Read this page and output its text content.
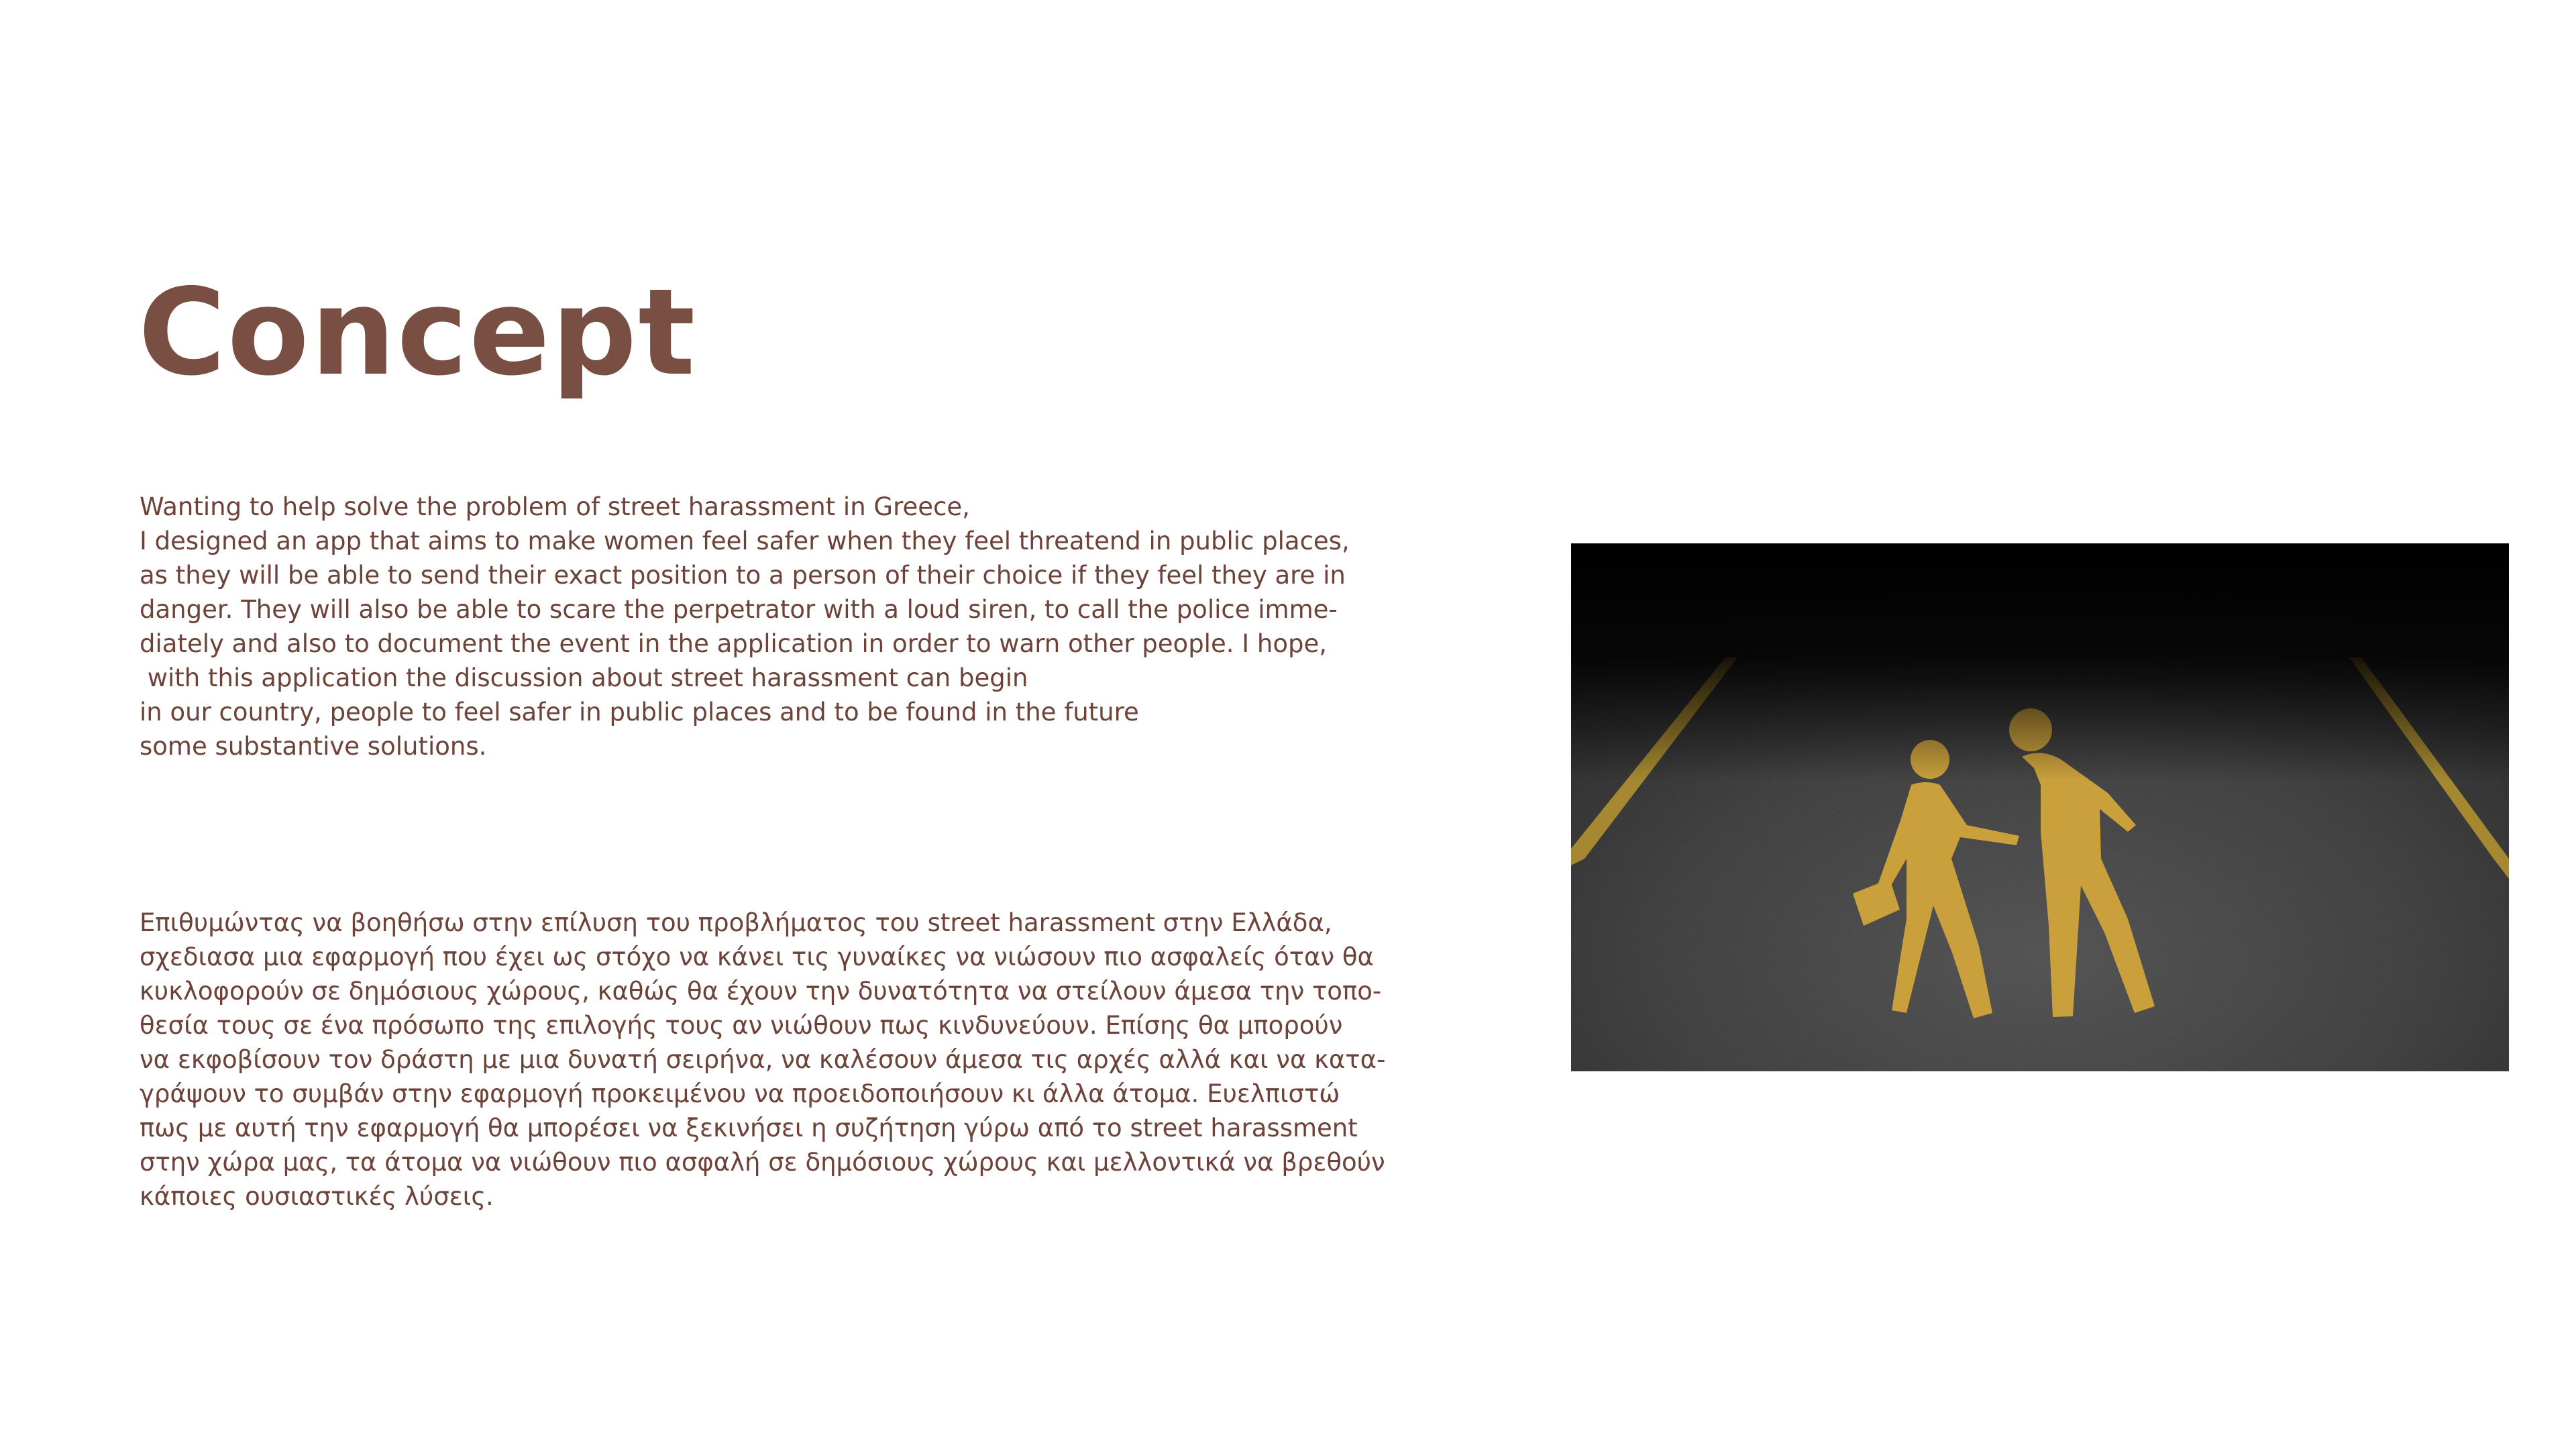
Concept

Wanting to help solve the problem of street harassment in Greece,
I designed an app that aims to make women feel safer when they feel threatend in public places,
as they will be able to send their exact position to a person of their choice if they feel they are in
danger. They will also be able to scare the perpetrator with a loud siren, to call the police imme-
diately and also to document the event in the application in order to warn other people. I hope,
with this application the discussion about street harassment can begin
in our country, people to feel safer in public places and to be found in the future
some substantive solutions.

Επιθυμώντας να βοηθήσω στην επίλυση του προβλήματος του street harassment στην Ελλάδα,
σχεδιασα μια εφαρμογή που έχει ως στόχο να κάνει τις γυναίκες να νιώσουν πιο ασφαλείς όταν θα
κυκλοφορούν σε δημόσιους χώρους, καθώς θα έχουν την δυνατότητα να στείλουν άμεσα την τοπο-
θεσία τους σε ένα πρόσωπο της επιλογής τους αν νιώθουν πως κινδυνεύουν. Επίσης θα μπορούν
να εκφοβίσουν τον δράστη με μια δυνατή σειρήνα, να καλέσουν άμεσα τις αρχές αλλά και να κατα-
γράψουν το συμβάν στην εφαρμογή προκειμένου να προειδοποιήσουν κι άλλα άτομα. Ευελπιστώ
πως με αυτή την εφαρμογή θα μπορέσει να ξεκινήσει η συζήτηση γύρω από το street harassment
στην χώρα μας, τα άτομα να νιώθουν πιο ασφαλή σε δημόσιους χώρους και μελλοντικά να βρεθούν
κάποιες ουσιαστικές λύσεις.
